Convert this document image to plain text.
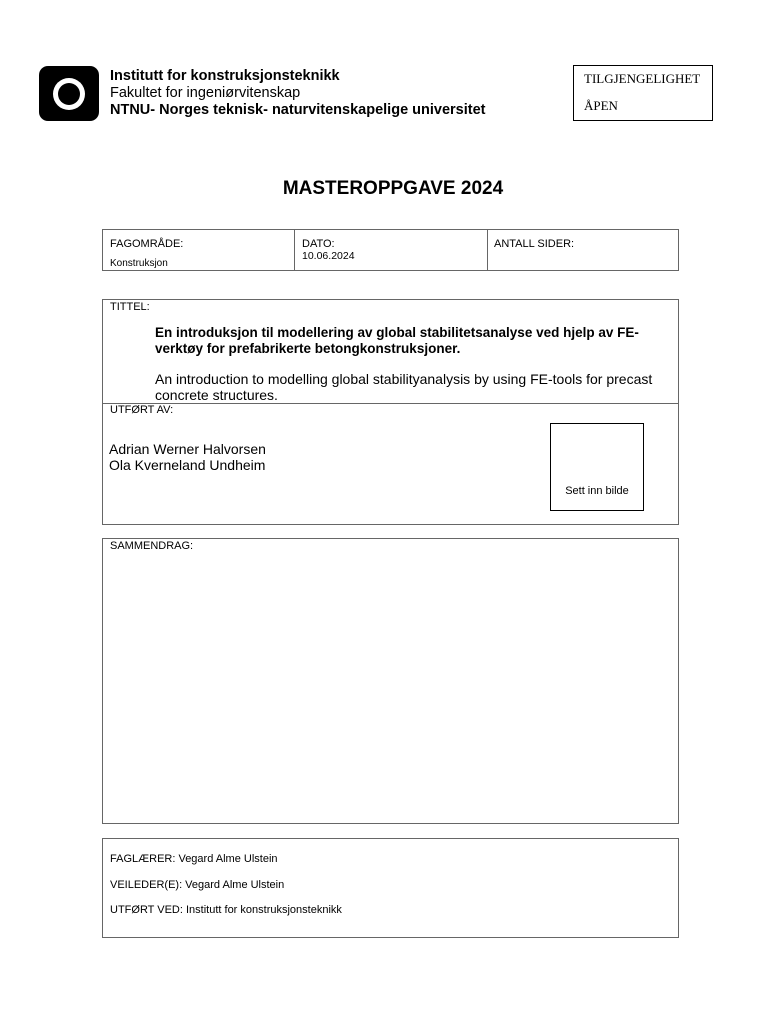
Institutt for konstruksjonsteknikk
Fakultet for ingeniørvitenskap
NTNU- Norges teknisk- naturvitenskapelige universitet
TILGJENGELIGHET
ÅPEN
MASTEROPPGAVE 2024
FAGOMRÅDE:
Konstruksjon
DATO:
10.06.2024
ANTALL SIDER:
TITTEL:
En introduksjon til modellering av global stabilitetsanalyse ved hjelp av FE-verktøy for prefabrikerte betongkonstruksjoner.
An introduction to modelling global stabilityanalysis by using FE-tools for precast concrete structures.
UTFØRT AV:
Adrian Werner Halvorsen
Ola Kverneland Undheim
Sett inn bilde
SAMMENDRAG:
FAGLÆRER: Vegard Alme Ulstein
VEILEDER(E): Vegard Alme Ulstein
UTFØRT VED: Institutt for konstruksjonsteknikk
